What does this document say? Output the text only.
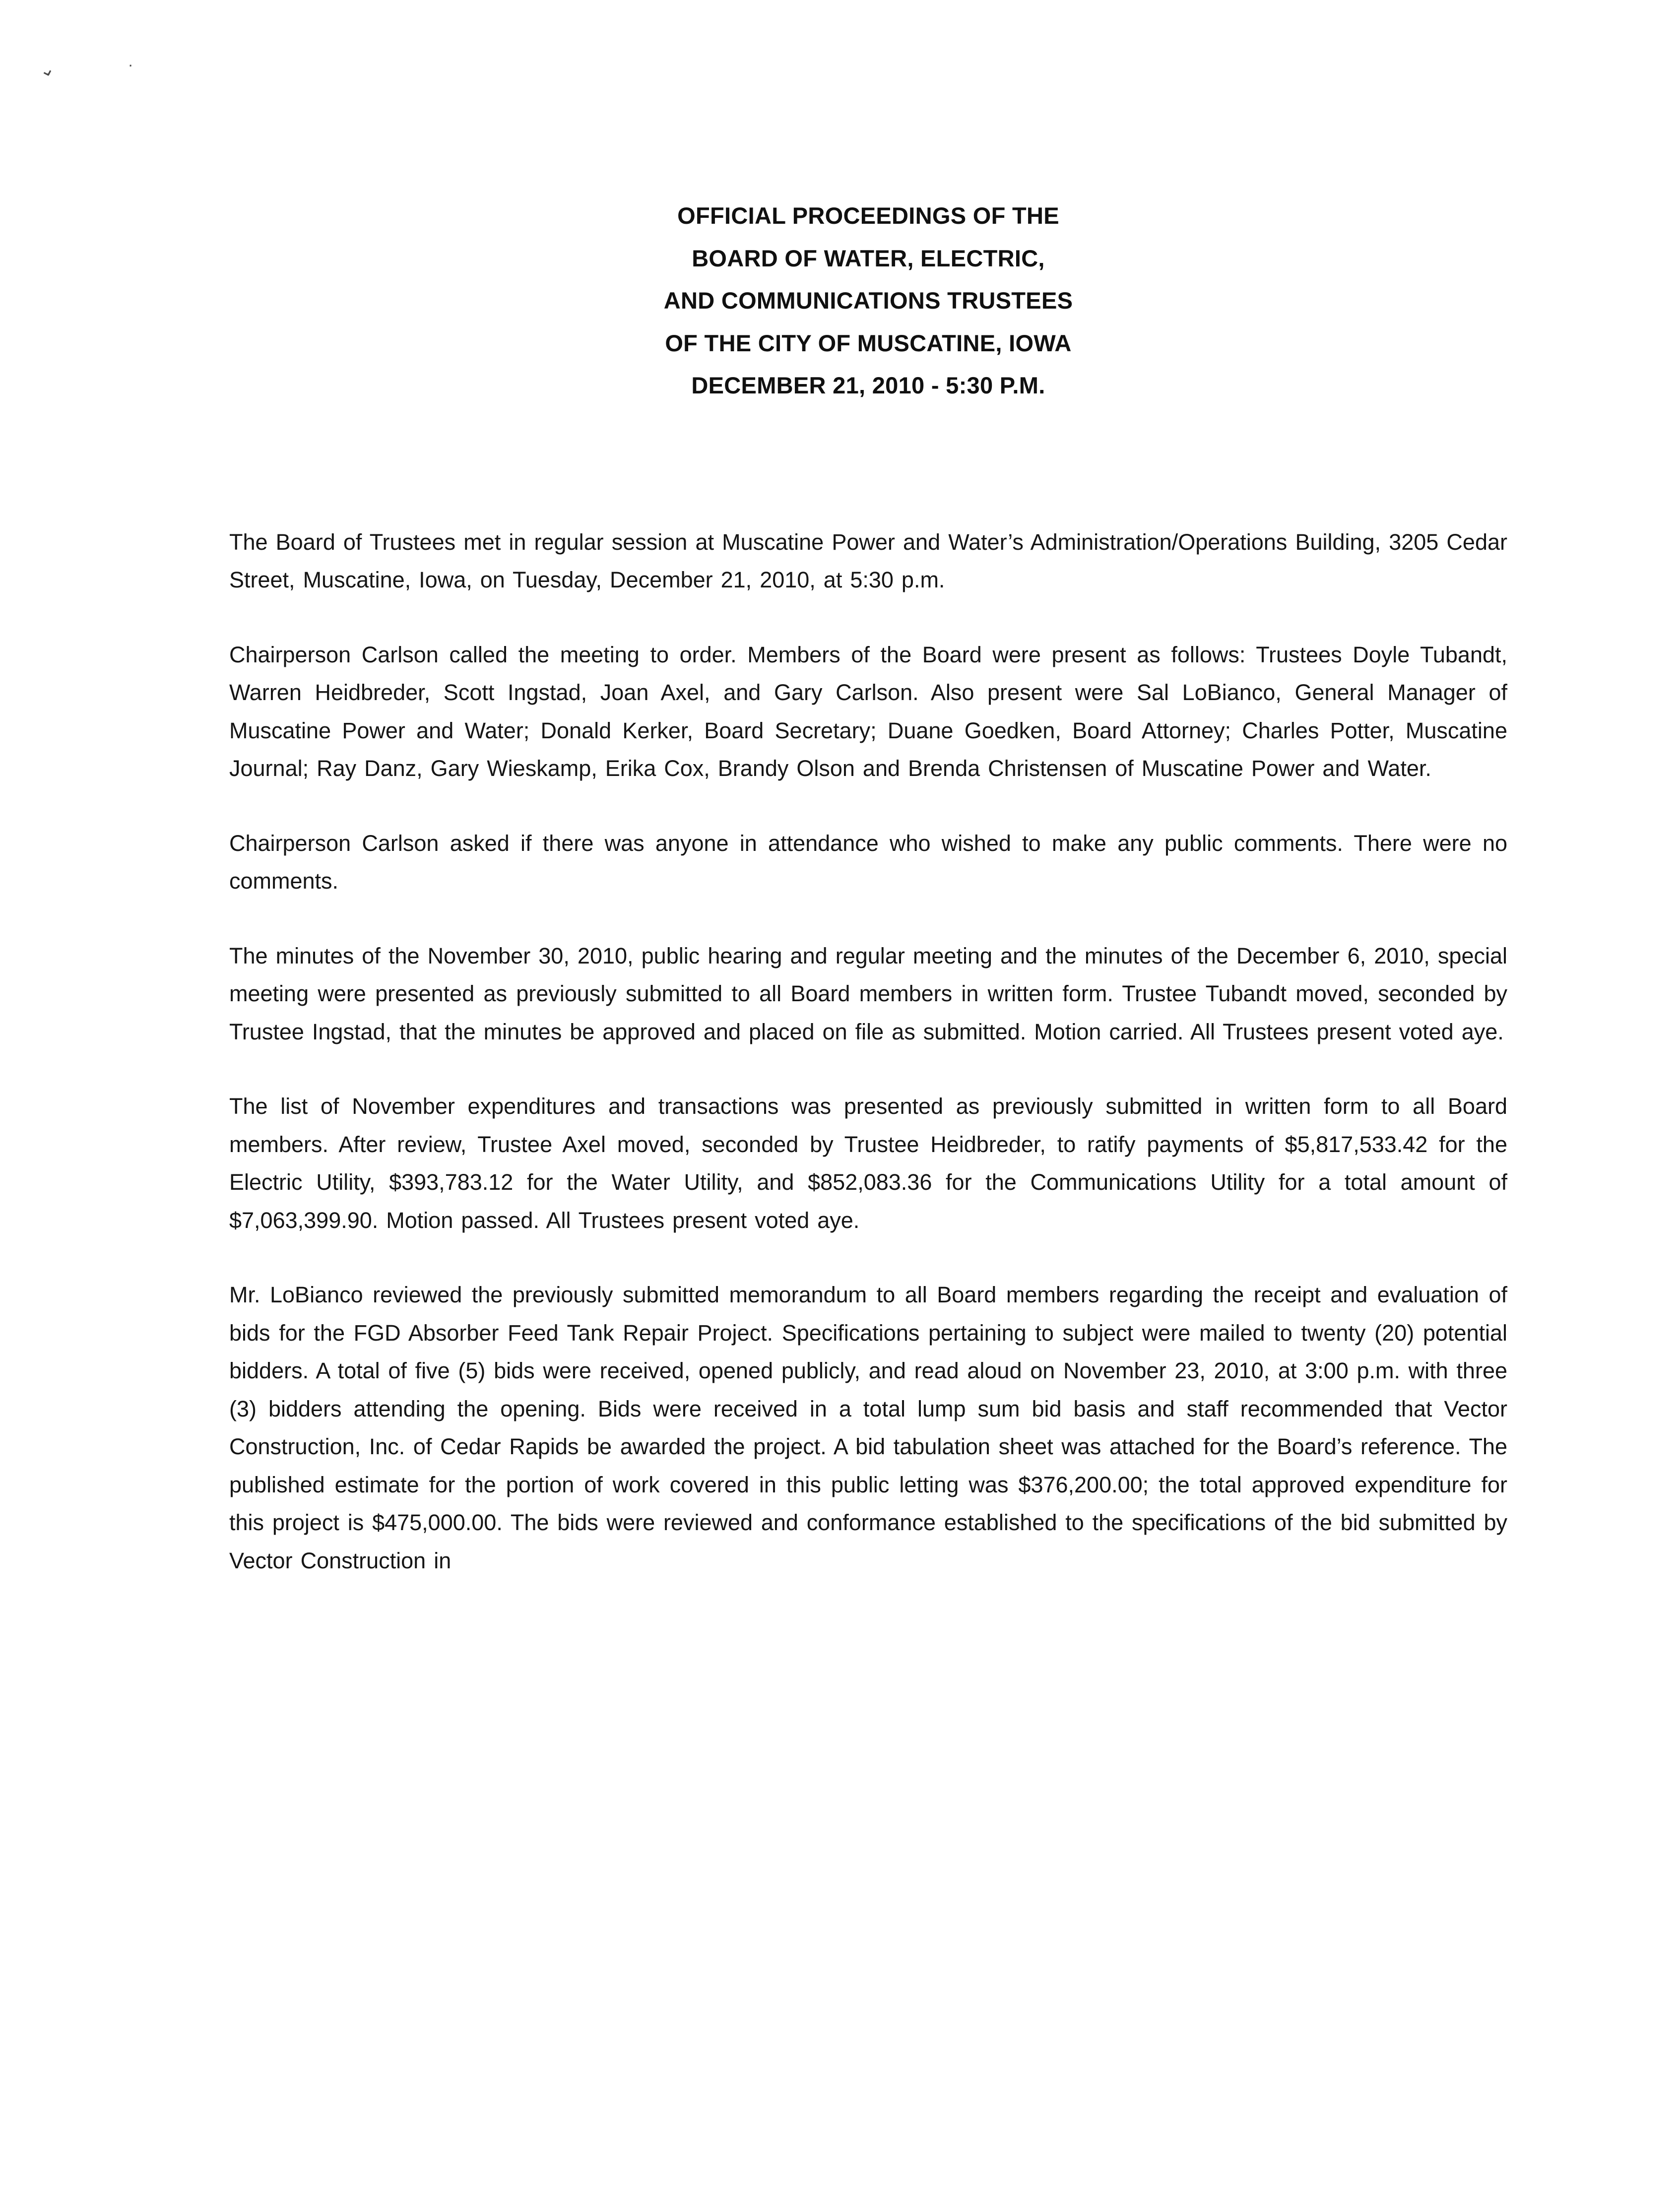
⌄	·
OFFICIAL PROCEEDINGS OF THE
BOARD OF WATER, ELECTRIC,
AND COMMUNICATIONS TRUSTEES
OF THE CITY OF MUSCATINE, IOWA
DECEMBER 21, 2010 - 5:30 P.M.

The Board of Trustees met in regular session at Muscatine Power and Water’s Administration/Operations Building, 3205 Cedar Street, Muscatine, Iowa, on Tuesday, December 21, 2010, at 5:30 p.m.

Chairperson Carlson called the meeting to order. Members of the Board were present as follows: Trustees Doyle Tubandt, Warren Heidbreder, Scott Ingstad, Joan Axel, and Gary Carlson. Also present were Sal LoBianco, General Manager of Muscatine Power and Water; Donald Kerker, Board Secretary; Duane Goedken, Board Attorney; Charles Potter, Muscatine Journal; Ray Danz, Gary Wieskamp, Erika Cox, Brandy Olson and Brenda Christensen of Muscatine Power and Water.

Chairperson Carlson asked if there was anyone in attendance who wished to make any public comments. There were no comments.

The minutes of the November 30, 2010, public hearing and regular meeting and the minutes of the December 6, 2010, special meeting were presented as previously submitted to all Board members in written form. Trustee Tubandt moved, seconded by Trustee Ingstad, that the minutes be approved and placed on file as submitted. Motion carried. All Trustees present voted aye.

The list of November expenditures and transactions was presented as previously submitted in written form to all Board members. After review, Trustee Axel moved, seconded by Trustee Heidbreder, to ratify payments of $5,817,533.42 for the Electric Utility, $393,783.12 for the Water Utility, and $852,083.36 for the Communications Utility for a total amount of $7,063,399.90. Motion passed. All Trustees present voted aye.

Mr. LoBianco reviewed the previously submitted memorandum to all Board members regarding the receipt and evaluation of bids for the FGD Absorber Feed Tank Repair Project. Specifications pertaining to subject were mailed to twenty (20) potential bidders. A total of five (5) bids were received, opened publicly, and read aloud on November 23, 2010, at 3:00 p.m. with three (3) bidders attending the opening. Bids were received in a total lump sum bid basis and staff recommended that Vector Construction, Inc. of Cedar Rapids be awarded the project. A bid tabulation sheet was attached for the Board’s reference. The published estimate for the portion of work covered in this public letting was $376,200.00; the total approved expenditure for this project is $475,000.00. The bids were reviewed and conformance established to the specifications of the bid submitted by Vector Construction in
